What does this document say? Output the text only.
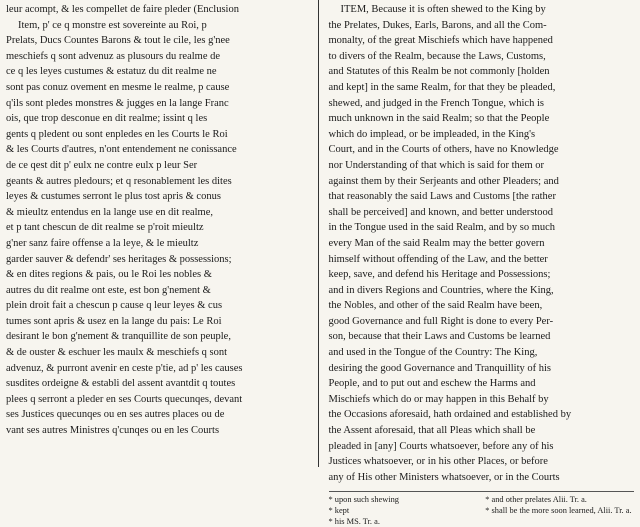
leur acompt, & les compellet de faire pleder (Enclusion
Item, p' ce q monstre est sovereinte au Roi, p
Prelats, Ducs Countes Barons & tout le cile, les g'nee
meschiefs q sont advenuz as plusours du realme de
ce q les leyes custumes & estatuz du dit realme ne
sont pas conuz ovement en mesme le realme, p cause
q'ils sont pledes monstres & jugges en la lange Franc
ois, que trop desconue en dit realme; issint q les
gents q pledent ou sont enpledes en les Courts le Roi
& les Courts d'autres, n'ont entendement ne conissance
de ce qest dit p' eulx ne contre eulx p leur Ser
geants & autres pledours; et q resonablement les dites
leyes & custumes serront le plus tost apris & conus
& mieultz entendus en la lange use en dit realme,
et p tant chescun de dit realme se p'roit mieultz
g'ner sanz faire offense a la leye, & le mieultz
garder sauver & defendr' ses heritages & possessions;
& en dites regions & pais, ou le Roi les nobles &
autres du dit realme ont este, est bon g'nement &
plein droit fait a chescun p cause q leur leyes & cus
tumes sont apris & usez en la lange du pais: Le Roi
desirant le bon g'nement & tranquillite de son peuple,
& de ouster & eschuer les maulx & meschiefs q sont
advenuz, & purront avenir en ceste p'tie, ad p' les causes
susdites ordeigne & establi del assent avantdit q toutes
plees q serront a pleder en ses Courts quecunqes, devant
ses Justices quecunqes ou en ses autres places ou de
vant ses autres Ministres q'cunqes ou en les Courts
ITEM, Because it is often shewed to the King by
the Prelates, Dukes, Earls, Barons, and all the Com-
monalty, of the great Mischiefs which have happened
to divers of the Realm, because the Laws, Customs,
and Statutes of this Realm be not commonly [holden
and kept] in the same Realm, for that they be pleaded,
shewed, and judged in the French Tongue, which is
much unknown in the said Realm; so that the People
which do implead, or be impleaded, in the King's
Court, and in the Courts of others, have no Knowledge
nor Understanding of that which is said for them or
against them by their Serjeants and other Pleaders; and
that reasonably the said Laws and Customs [the rather
shall be perceived] and known, and better understood
in the Tongue used in the said Realm, and by so much
every Man of the said Realm may the better govern
himself without offending of the Law, and the better
keep, save, and defend his Heritage and Possessions;
and in divers Regions and Countries, where the King,
the Nobles, and other of the said Realm have been,
good Governance and full Right is done to every Per-
son, because that their Laws and Customs be learned
and used in the Tongue of the Country: The King,
desiring the good Governance and Tranquillity of his
People, and to put out and eschew the Harms and
Mischiefs which do or may happen in this Behalf by
the Occasions aforesaid, hath ordained and established by
the Assent aforesaid, that all Pleas which shall be
pleaded in [any] Courts whatsoever, before any of his
Justices whatsoever, or in his other Places, or before
any of His other Ministers whatsoever, or in the Courts
* upon such shewing	* and other prelates Alii. Tr. a.
* kept	* shall be the more soon learned, Alii. Tr. a.
* his MS. Tr. a.
